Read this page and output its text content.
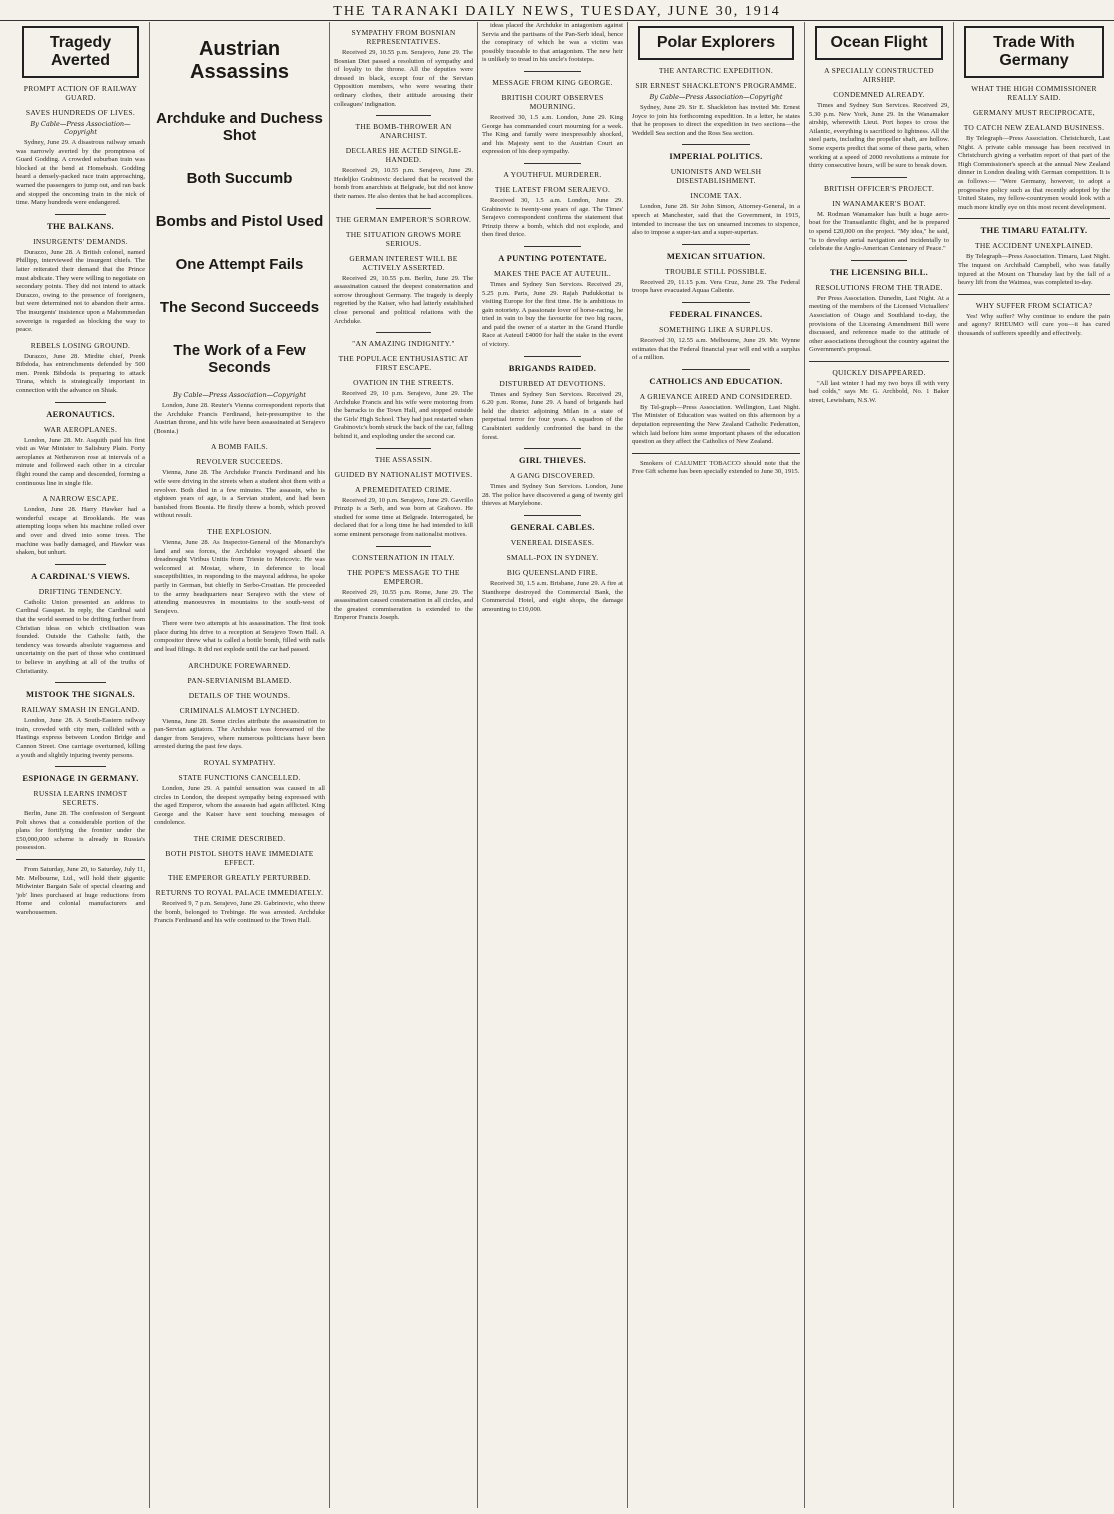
THE TARANAKI DAILY NEWS, TUESDAY, JUNE 30, 1914
Tragedy Averted
PROMPT ACTION OF RAILWAY GUARD.
SAVES HUNDREDS OF LIVES.
By Cable—Press Association—Copyright

Sydney, June 29. A disastrous railway smash was narrowly averted by the promptness of Guard Godding. A crowded suburban train was blocked at the bend at Homebush. Godding heard a densely-packed race train approaching, warned the passengers to jump out, and ran back and stopped the oncoming train in the nick of time. Many hundreds were endangered.

THE BALKANS.
INSURGENTS' DEMANDS.

Durazzo, June 28. A British colonel, named Phillipp, interviewed the insurgent chiefs. The latter reiterated their demand that the Prince must abdicate. They were willing to negotiate on secondary points. They did not intend to attack Durazzo, owing to the presence of foreigners, but were determined not to abandon their arms. The insurgents' insistence upon a Mahommedan sovereign is regarded as blocking the way to peace.

REBELS LOSING GROUND.

Durazzo, June 28. Mirdite chief, Prenk Bibdoda, has entrenchments defended by 500 men. Prenk Bibdoda is preparing to attack Tirana, which is strategically important in connection with the advance on Shiak.

AERONAUTICS.
WAR AEROPLANES.

London, June 28. Mr. Asquith paid his first visit as War Minister to Salisbury Plain. Forty aeroplanes at Netheravon rose at intervals of a minute and followed each other in a circular flight round the camp and descended, forming a continuous line in single file.

A NARROW ESCAPE.

London, June 28. Harry Hawker had a wonderful escape at Brooklands. He was attempting loops when his machine rolled over and over and dived into some trees. The machine was badly damaged, and Hawker was shaken, but unhurt.

A CARDINAL'S VIEWS.
DRIFTING TENDENCY.

Catholic Union presented an address to Cardinal Gasquet. In reply, the Cardinal said that the world seemed to be drifting further from Christian ideas on which civilisation was founded. Outside the Catholic faith, the tendency was towards absolute vagueness and uncertainty on the part of those who continued to believe in anything at all of the truths of Christianity.

MISTOOK THE SIGNALS.
RAILWAY SMASH IN ENGLAND.

London, June 28. A South-Eastern railway train, crowded with city men, collided with a Hastings express between London Bridge and Cannon Street. One carriage overturned, killing a youth and slightly injuring twenty persons.

ESPIONAGE IN GERMANY.
RUSSIA LEARNS INMOST SECRETS.

Berlin, June 28. The confession of Sergeant Polt shows that a considerable portion of the plans for fortifying the frontier under the £50,000,000 scheme is already in Russia's possession.

From Saturday, June 20, to Saturday, July 11, Mr. Melbourne, Ltd., will hold their gigantic Midwinter Bargain Sale of special clearing and 'job' lines purchased at huge reductions from Home and colonial manufacturers and warehousemen.

Austrian Assassins
Archduke and Duchess Shot
Both Succumb
Bombs and Pistol Used
One Attempt Fails
The Second Succeeds
The Work of a Few Seconds
By Cable—Press Association—Copyright

London, June 28. Reuter's Vienna correspondent reports that the Archduke Francis Ferdinand, heir-presumptive to the Austrian throne, and his wife have been assassinated at Serajevo (Bosnia.)

A BOMB FAILS.
REVOLVER SUCCEEDS.

Vienna, June 28. The Archduke Francis Ferdinand and his wife were driving in the streets when a student shot them with a revolver. Both died in a few minutes. The assassin, who is eighteen years of age, is a Servian student, and had been banished from Bosnia. He firstly threw a bomb, which proved without result.

THE EXPLOSION.

Vienna, June 28. As Inspector-General of the Monarchy's land and sea forces, the Archduke voyaged aboard the dreadnought Viribus Unitis from Trieste to Metcovic. He was welcomed at Mostar, where, in deference to local susceptibilities, in responding to the mayoral address, he spoke partly in German, but chiefly in Serbo-Croatian. He proceeded to the army headquarters near Serajevo with the view of attending manoeuvres in mountains to the south-west of Serajevo.

There were two attempts at his assassination. The first took place during his drive to a reception at Serajevo Town Hall. A compositor threw what is called a bottle bomb, filled with nails and lead filings. It did not explode until the car had passed.

ARCHDUKE FOREWARNED.
PAN-SERVIANISM BLAMED.
DETAILS OF THE WOUNDS.
CRIMINALS ALMOST LYNCHED.

Vienna, June 28. Some circles attribute the assassination to pan-Servian agitators. The Archduke was forewarned of the danger from Serajevo, where numerous politicians have been arrested during the past few days.

ROYAL SYMPATHY.
STATE FUNCTIONS CANCELLED.

London, June 29. A painful sensation was caused in all circles in London, the deepest sympathy being expressed with the aged Emperor, whom the assassin had again afflicted. King George and the Kaiser have sent touching messages of condolence.

THE CRIME DESCRIBED.
BOTH PISTOL SHOTS HAVE IMMEDIATE EFFECT.
THE EMPEROR GREATLY PERTURBED.
RETURNS TO ROYAL PALACE IMMEDIATELY.

Received 9, 7 p.m. Serajevo, June 29. Gabrinovic, who threw the bomb, belonged to Trebinge. He was arrested. Archduke Francis Ferdinand and his wife continued to the Town Hall.

SYMPATHY FROM BOSNIAN REPRESENTATIVES.

Received 29, 10.55 p.m. Serajevo, June 29. The Bosnian Diet passed a resolution of sympathy and of loyalty to the throne. All the deputies were dressed in black, except four of the Servian Opposition members, who were wearing their ordinary clothes, their attitude arousing their colleagues' indignation.

THE BOMB-THROWER AN ANARCHIST.
DECLARES HE ACTED SINGLE-HANDED.

Received 29, 10.55 p.m. Serajevo, June 29. Hedeljko Grabinovic declared that he received the bomb from anarchists at Belgrade, but did not know their names. He also denies that he had accomplices.

THE GERMAN EMPEROR'S SORROW.
THE SITUATION GROWS MORE SERIOUS.
GERMAN INTEREST WILL BE ACTIVELY ASSERTED.

Received 29, 10.55 p.m. Berlin, June 29. The assassination caused the deepest consternation and sorrow throughout Germany. The tragedy is deeply regretted by the Kaiser, who had latterly established close personal and political relations with the Archduke.

"AN AMAZING INDIGNITY."
THE POPULACE ENTHUSIASTIC AT FIRST ESCAPE.
OVATION IN THE STREETS.

Received 29, 10 p.m. Serajevo, June 29. The Archduke Francis and his wife were motoring from the barracks to the Town Hall, and stopped outside the Girls' High School. They had just restarted when Grabinovic's bomb struck the back of the car, falling behind it, and exploding under the second car.

THE ASSASSIN.
GUIDED BY NATIONALIST MOTIVES.
A PREMEDITATED CRIME.

Received 29, 10 p.m. Serajevo, June 29. Gavrillo Prinzip is a Serb, and was born at Grahovo. He studied for some time at Belgrade. Interrogated, he declared that for a long time he had intended to kill some eminent personage from nationalist motives.

CONSTERNATION IN ITALY.
THE POPE'S MESSAGE TO THE EMPEROR.

Received 29, 10.55 p.m. Rome, June 29. The assassination caused consternation in all circles, and the greatest commiseration is extended to the Emperor Francis Joseph.

ideas placed the Archduke in antagonism against Servia and the partisans of the Pan-Serb ideal, hence the conspiracy of which he was a victim was possibly traceable to that antagonism. The new heir is unlikely to tread in his uncle's footsteps.

MESSAGE FROM KING GEORGE.
BRITISH COURT OBSERVES MOURNING.

Received 30, 1.5 a.m. London, June 29. King George has commanded court mourning for a week. The King and family were inexpressibly shocked, and his Majesty sent to the Austrian Court an expression of his deep sympathy.

A YOUTHFUL MURDERER.
THE LATEST FROM SERAJEVO.

Received 30, 1.5 a.m. London, June 29. Grabinovic is twenty-one years of age. The Times' Serajevo correspondent confirms the statement that Prinzip threw a bomb, which did not explode, and then fired thrice.

A PUNTING POTENTATE.
MAKES THE PACE AT AUTEUIL.

Times and Sydney Sun Services. Received 29, 5.25 p.m. Paris, June 29. Rajah Pudukkottai is visiting Europe for the first time. He is ambitious to gain notoriety. A passionate lover of horse-racing, he tried in vain to buy the favourite for two big races, and paid the owner of a starter in the Grand Hurdle Race at Auteuil £4000 for half the stake in the event of victory.

BRIGANDS RAIDED.
DISTURBED AT DEVOTIONS.

Times and Sydney Sun Services. Received 29, 6.20 p.m. Rome, June 29. A band of brigands had held the district adjoining Milan in a state of perpetual terror for four years. A squadron of the Carabinieri suddenly confronted the band in the forest.

GIRL THIEVES.
A GANG DISCOVERED.

Times and Sydney Sun Services. London, June 28. The police have discovered a gang of twenty girl thieves at Marylebone.

GENERAL CABLES.
VENEREAL DISEASES.
SMALL-POX IN SYDNEY.
BIG QUEENSLAND FIRE.

Received 30, 1.5 a.m. Brisbane, June 29. A fire at Stanthorpe destroyed the Commercial Bank, the Commercial Hotel, and eight shops, the damage amounting to £10,000.

Polar Explorers
THE ANTARCTIC EXPEDITION.
SIR ERNEST SHACKLETON'S PROGRAMME.
By Cable—Press Association—Copyright

Sydney, June 29. Sir E. Shackleton has invited Mr. Ernest Joyce to join his forthcoming expedition. In a letter, he states that he proposes to direct the expedition in two sections—the Weddell Sea section and the Ross Sea section.

IMPERIAL POLITICS.
UNIONISTS AND WELSH DISESTABLISHMENT.
INCOME TAX.

London, June 28. Sir John Simon, Attorney-General, in a speech at Manchester, said that the Government, in 1915, intended to increase the tax on unearned incomes to sixpence, also to impose a super-tax and a super-supertax.

MEXICAN SITUATION.
TROUBLE STILL POSSIBLE.

Received 29, 11.15 p.m. Vera Cruz, June 29. The Federal troops have evacuated Aquaa Caliente.

FEDERAL FINANCES.
SOMETHING LIKE A SURPLUS.

Received 30, 12.55 a.m. Melbourne, June 29. Mr. Wynne estimates that the Federal financial year will end with a surplus of a million.

CATHOLICS AND EDUCATION.
A GRIEVANCE AIRED AND CONSIDERED.

By Tel-graph—Press Association. Wellington, Last Night. The Minister of Education was waited on this afternoon by a deputation representing the New Zealand Catholic Federation, which laid before him some important phases of the education question as they affect the Catholics of New Zealand.

Smokers of CALUMET TOBACCO should note that the Free Gift scheme has been specially extended to June 30, 1915.

Ocean Flight
A SPECIALLY CONSTRUCTED AIRSHIP.
CONDEMNED ALREADY.

Times and Sydney Sun Services. Received 29, 5.30 p.m. New York, June 29. In the Wanamaker airship, wherewith Lieut. Port hopes to cross the Atlantic, everything is sacrificed to lightness. All the steel parts, including the propeller shaft, are hollow. Some experts predict that some of these parts, when working at a speed of 2000 revolutions a minute for thirty consecutive hours, will be sure to break down.

BRITISH OFFICER'S PROJECT.
IN WANAMAKER'S BOAT.

M. Rodman Wanamaker has built a huge aero-boat for the Transatlantic flight, and he is prepared to spend £20,000 on the project. "My idea," he said, "is to develop aerial navigation and incidentally to celebrate the Anglo-American Centenary of Peace."

THE LICENSING BILL.
RESOLUTIONS FROM THE TRADE.

Per Press Association. Dunedin, Last Night. At a meeting of the members of the Licensed Victuallers' Association of Otago and Southland to-day, the provisions of the Licensing Amendment Bill were discussed, and reference made to the attitude of other associations throughout the country against the Government's proposal.

QUICKLY DISAPPEARED.

"All last winter I had my two boys ill with very bad colds," says Mr. G. Archbold, No. 1 Baker street, Lewisham, N.S.W.

Trade With Germany
WHAT THE HIGH COMMISSIONER REALLY SAID.
GERMANY MUST RECIPROCATE,
TO CATCH NEW ZEALAND BUSINESS.

By Telegraph—Press Association. Christchurch, Last Night. A private cable message has been received in Christchurch giving a verbatim report of that part of the High Commissioner's speech at the annual New Zealand dinner in London dealing with German competition. It is as follows:— "Were Germany, however, to adopt a progressive policy such as that recently adopted by the United States, my fellow-countrymen would look with a much more kindly eye on this most recent development.

THE TIMARU FATALITY.
THE ACCIDENT UNEXPLAINED.

By Telegraph—Press Association. Timaru, Last Night. The inquest on Archibald Campbell, who was fatally injured at the Mount on Thursday last by the fall of a heavy lift from the Waimea, was completed to-day.

WHY SUFFER FROM SCIATICA?

Yes! Why suffer? Why continue to endure the pain and agony? RHEUMO will cure you—it has cured thousands of sufferers speedily and effectively.
